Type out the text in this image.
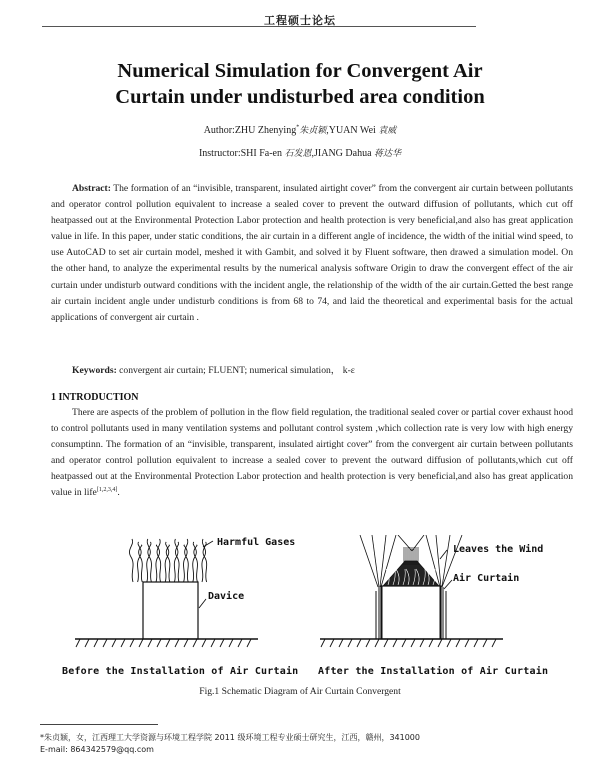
工程硕士论坛
Numerical Simulation for Convergent Air
Curtain under undisturbed area condition
Author:ZHU Zhenying*朱贞颖,YUAN Wei 袁威
Instructor:SHI Fa-en 石发恩,JIANG Dahua 蒋达华
Abstract: The formation of an “invisible, transparent, insulated airtight cover” from the convergent air curtain between pollutants and operator control pollution equivalent to increase a sealed cover to prevent the outward diffusion of pollutants, which cut off heatpassed out at the Environmental Protection Labor protection and health protection is very beneficial,and also has great application value in life. In this paper, under static conditions, the air curtain in a different angle of incidence, the width of the initial wind speed, to use AutoCAD to set air curtain model, meshed it with Gambit, and solved it by Fluent software, then drawed a simulation model. On the other hand, to analyze the experimental results by the numerical analysis software Origin to draw the convergent effect of the air curtain under undisturb outward conditions with the incident angle, the relationship of the width of the air curtain.Getted the best range air curtain incident angle under undisturb conditions is from 68 to 74, and laid the theoretical and experimental basis for the actual applications of convergent air curtain .
Keywords: convergent air curtain; FLUENT; numerical simulation， k-ε
1 INTRODUCTION
There are aspects of the problem of pollution in the flow field regulation, the traditional sealed cover or partial cover exhaust hood to control pollutants used in many ventilation systems and pollutant control system ,which collection rate is very low with high energy consumptinn. The formation of an “invisible, transparent, insulated airtight cover” from the convergent air curtain between pollutants and operator control pollution equivalent to increase a sealed cover to prevent the outward diffusion of pollutants,which cut off heatpassed out at the Environmental Protection Labor protection and health protection is very beneficial,and also has great application value in life[1,2,3,4].
Harmful Gases
Davice
Leaves the Wind
Air Curtain
Before the Installation of Air Curtain After the Installation of Air Curtain
Fig.1 Schematic Diagram of Air Curtain Convergent
*朱贞颖，女，江西理工大学资源与环境工程学院 2011 级环境工程专业硕士研究生，江西，赣州，341000
E-mail: 864342579@qq.com
